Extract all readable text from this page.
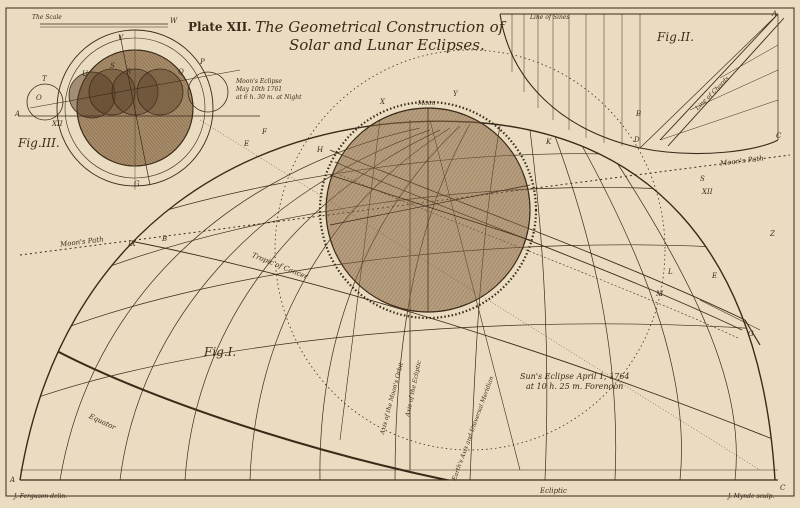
The Geometrical Construction of
Solar and Lunar Eclipses.
Plate XII.
Fig.I.
Fig.II.
Fig.III.
The Scale	W
Moon's Eclipse
May 10th 1761
at 6 h. 30 m. at Night
Sun's Eclipse April 1, 1764
at 10 h. 25 m. Forenoon
Moon's Path
Moon's Path
Tropic of Cancer
Equator
Ecliptic
Line of Chords
Line of Sines
Axis of the Moon's Orbit Axis of the Ecliptic	Earth's Axis and Universal Meridian
Moon
A
T
O
P
Q
V
U
G
S
R
XII
IX
B
E
F
H
X
Y
K
S
XII
E
G
Z
M
L
A
C
A
C
D
B
J. Ferguson delin.	J. Mynde sculp.
